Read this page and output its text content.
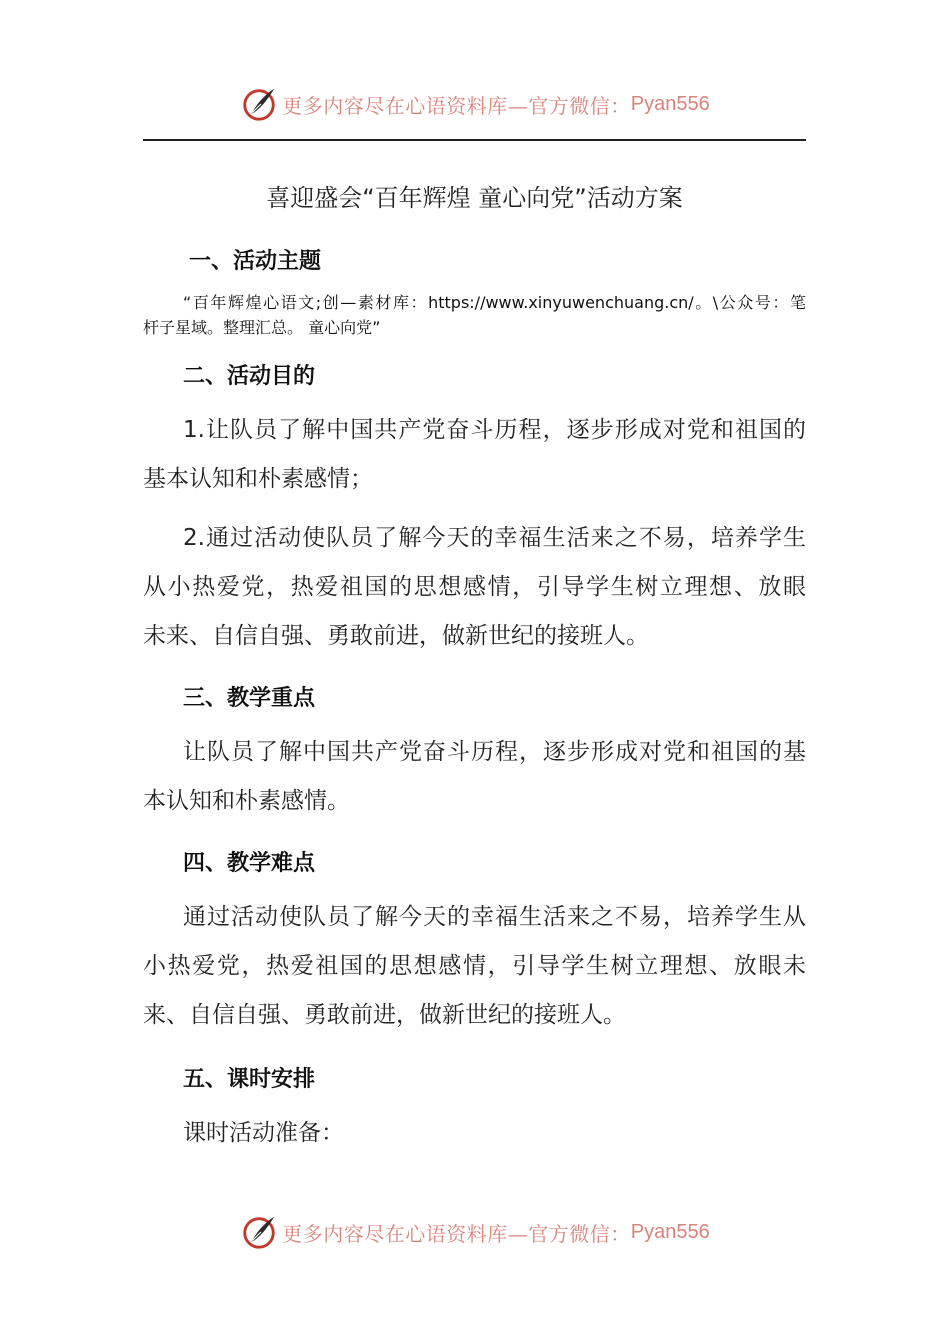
更多内容尽在心语资料库—官方微信： Pyan556
喜迎盛会“百年辉煌 童心向党”活动方案
一、活动主题
“百年辉煌心语文;创—素材库：https://www.xinyuwenchuang.cn/。\公众号：笔
杆子星域。整理汇总。 童心向党”
二、活动目的
1.让队员了解中国共产党奋斗历程，逐步形成对党和祖国的
基本认知和朴素感情；
2.通过活动使队员了解今天的幸福生活来之不易，培养学生
从小热爱党，热爱祖国的思想感情，引导学生树立理想、放眼
未来、自信自强、勇敢前进，做新世纪的接班人。
三、教学重点
让队员了解中国共产党奋斗历程，逐步形成对党和祖国的基
本认知和朴素感情。
四、教学难点
通过活动使队员了解今天的幸福生活来之不易，培养学生从
小热爱党，热爱祖国的思想感情，引导学生树立理想、放眼未
来、自信自强、勇敢前进，做新世纪的接班人。
五、课时安排
课时活动准备：
更多内容尽在心语资料库—官方微信： Pyan556
